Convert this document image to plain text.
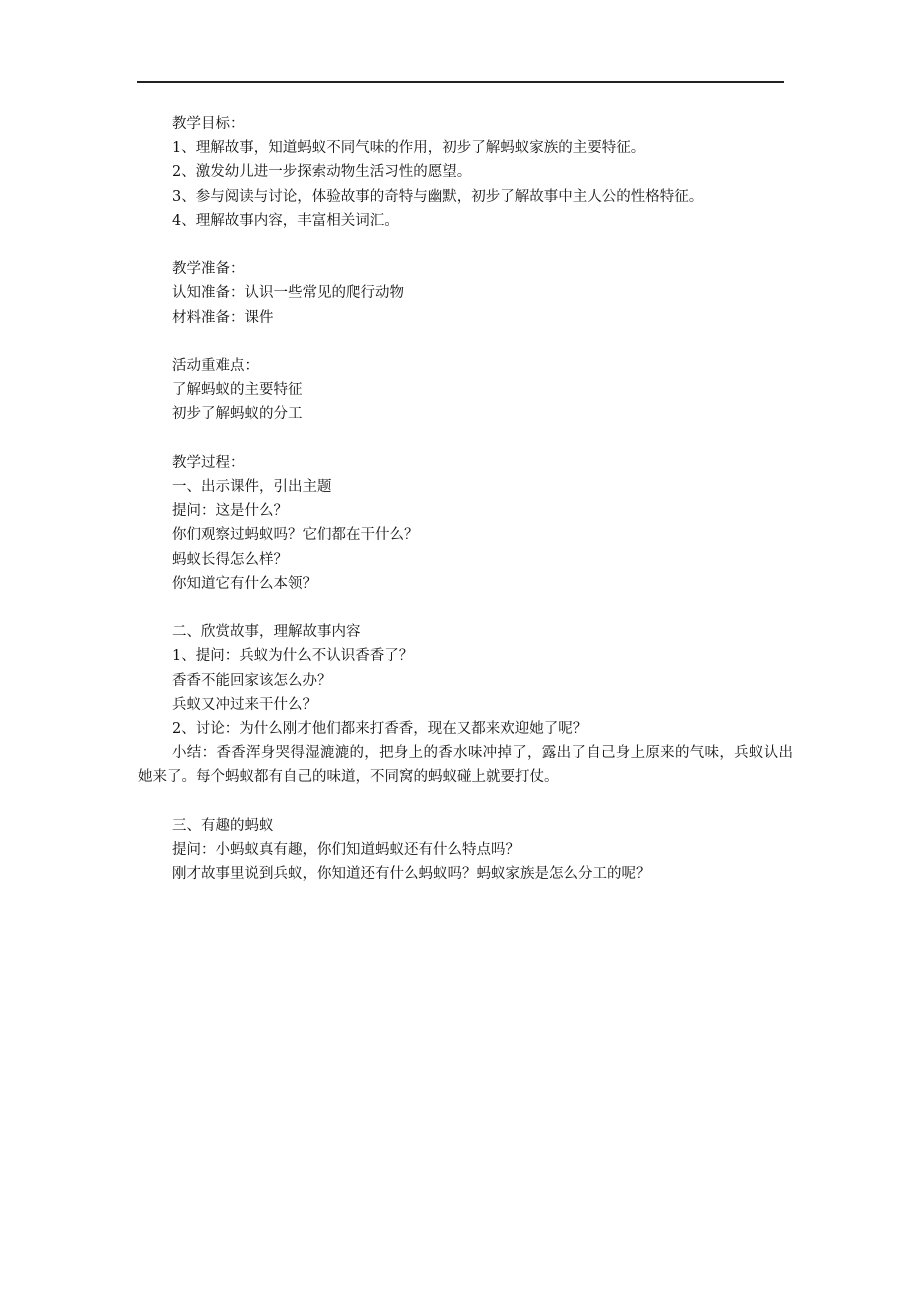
教学目标：
1、理解故事，知道蚂蚁不同气味的作用，初步了解蚂蚁家族的主要特征。
2、激发幼儿进一步探索动物生活习性的愿望。
3、参与阅读与讨论，体验故事的奇特与幽默，初步了解故事中主人公的性格特征。
4、理解故事内容，丰富相关词汇。
教学准备：
认知准备：认识一些常见的爬行动物
材料准备：课件
活动重难点：
了解蚂蚁的主要特征
初步了解蚂蚁的分工
教学过程：
一、出示课件，引出主题
提问：这是什么？
你们观察过蚂蚁吗？它们都在干什么？
蚂蚁长得怎么样？
你知道它有什么本领？
二、欣赏故事，理解故事内容
1、提问：兵蚁为什么不认识香香了？
香香不能回家该怎么办？
兵蚁又冲过来干什么？
2、讨论：为什么刚才他们都来打香香，现在又都来欢迎她了呢？
小结：香香浑身哭得湿漉漉的，把身上的香水味冲掉了，露出了自己身上原来的气味，兵蚁认出她来了。每个蚂蚁都有自己的味道，不同窝的蚂蚁碰上就要打仗。
三、有趣的蚂蚁
提问：小蚂蚁真有趣，你们知道蚂蚁还有什么特点吗？
刚才故事里说到兵蚁，你知道还有什么蚂蚁吗？蚂蚁家族是怎么分工的呢？
